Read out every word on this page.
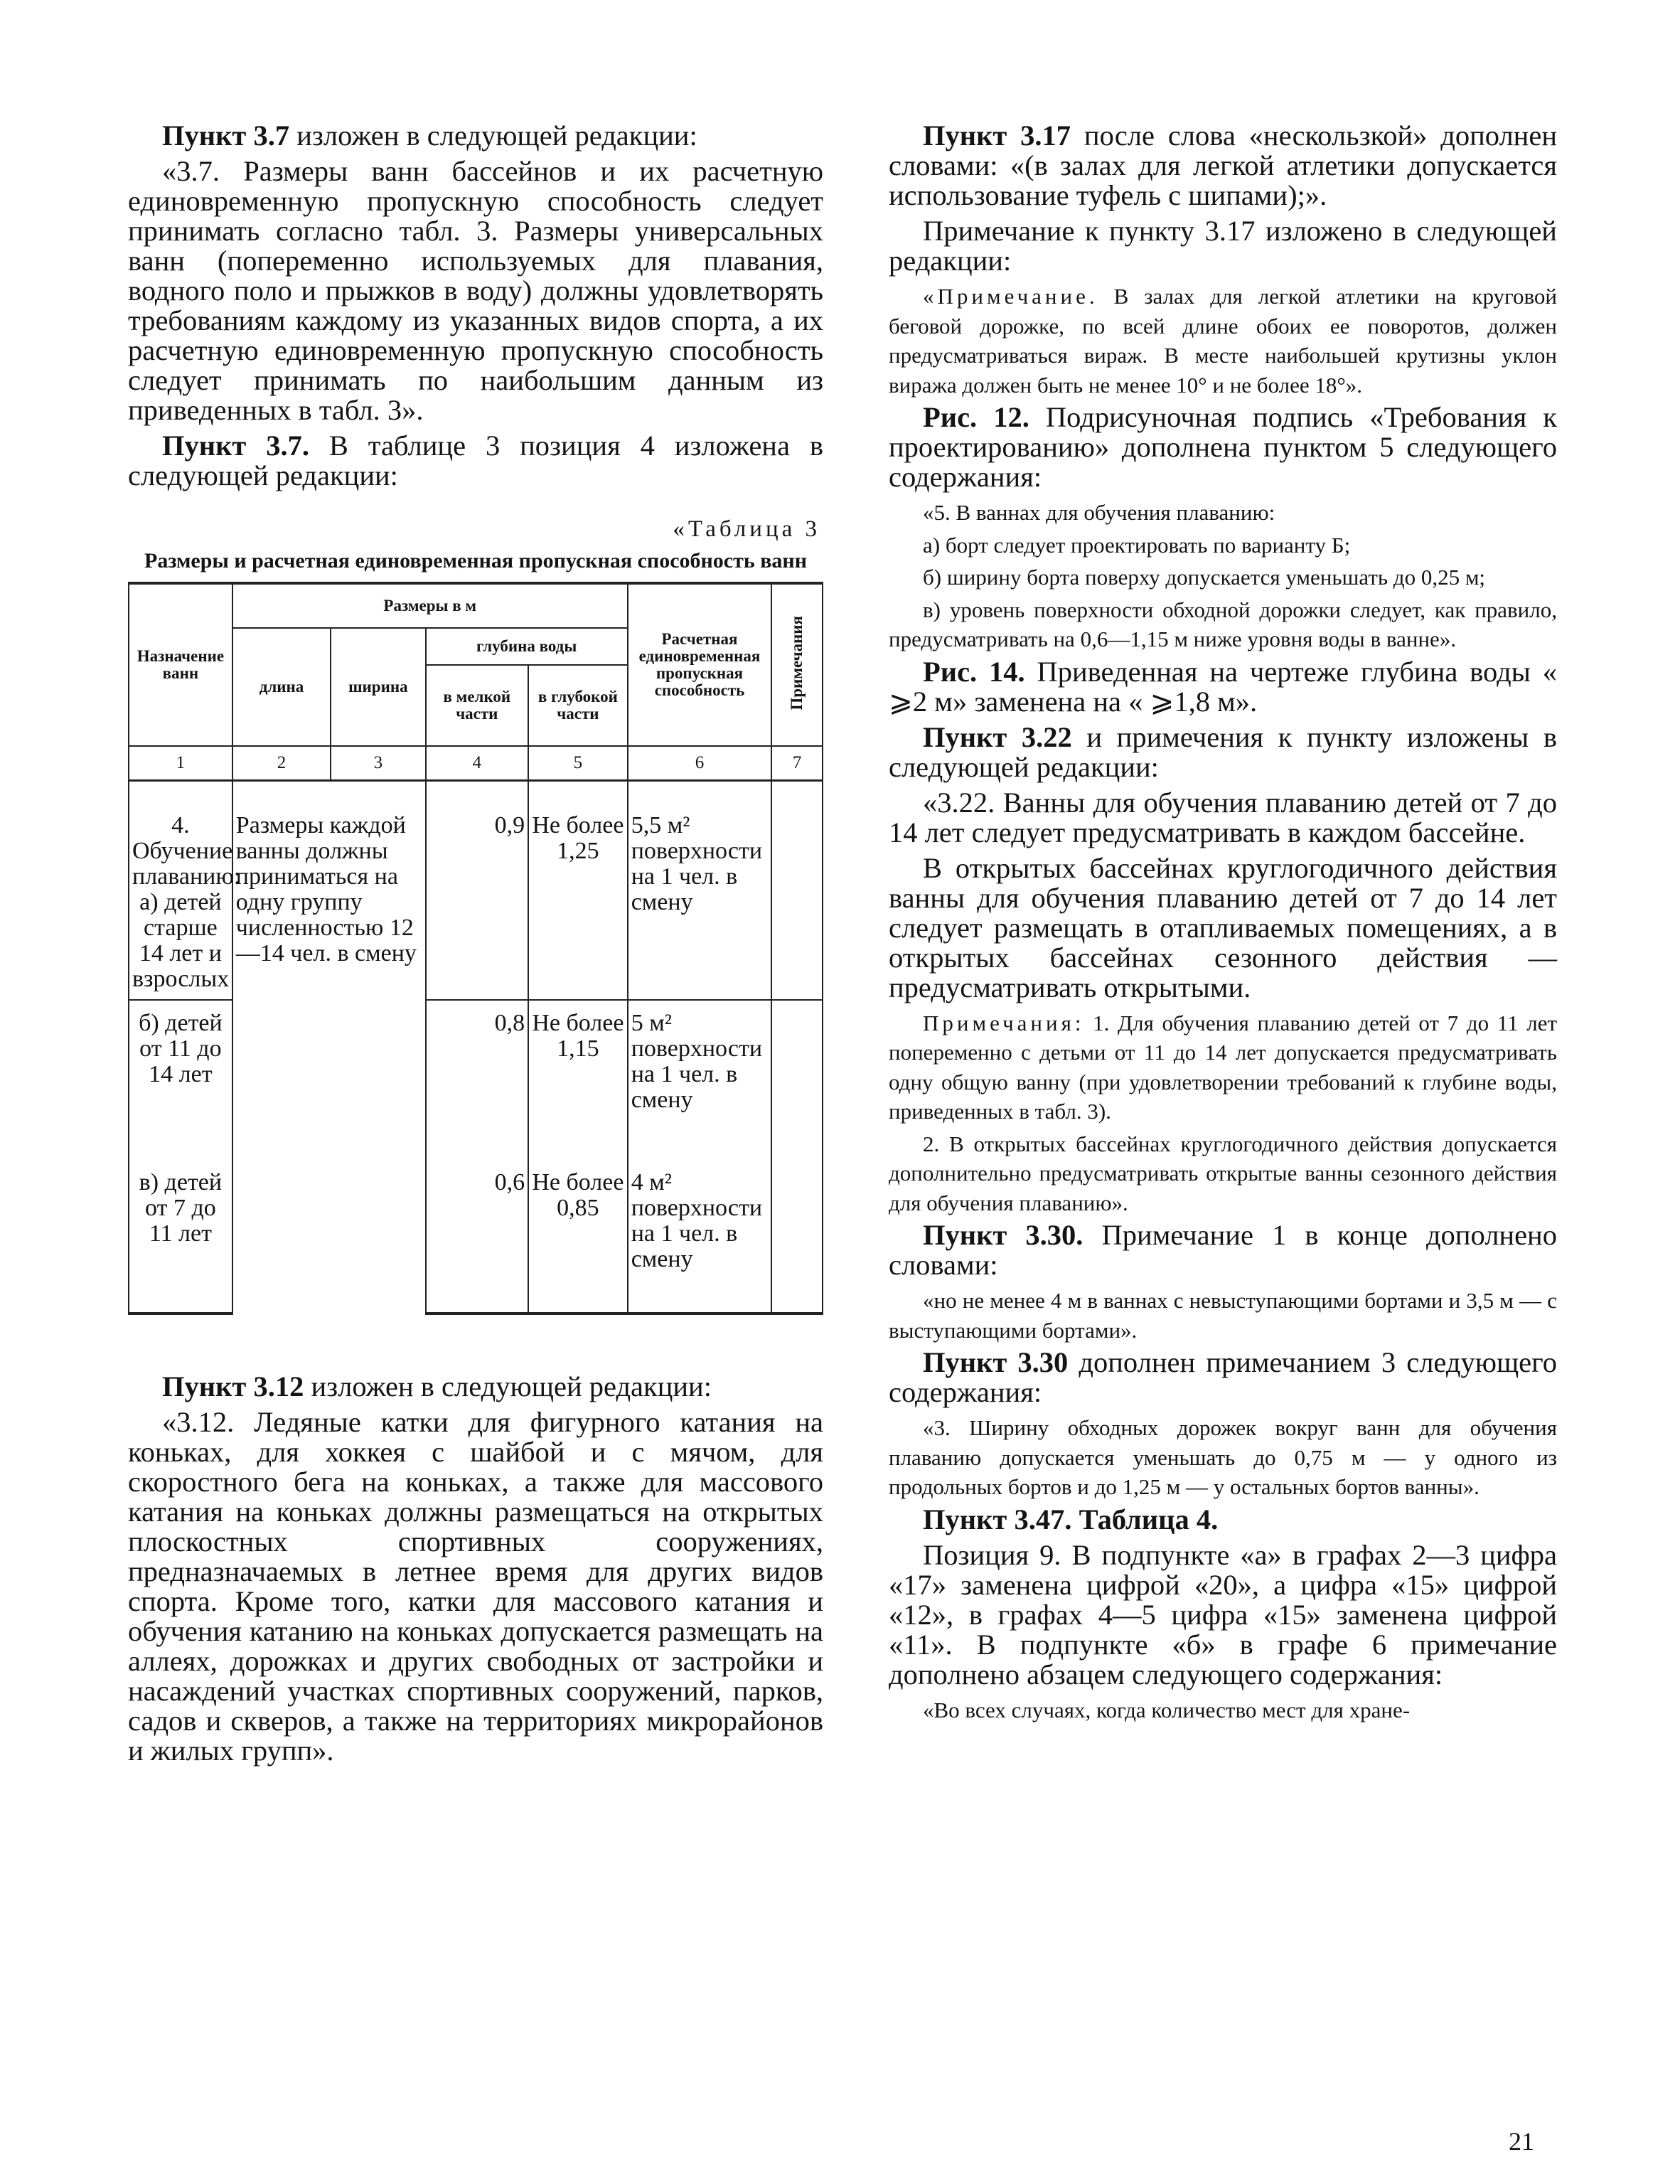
Пункт 3.7 изложен в следующей редакции:

«3.7. Размеры ванн бассейнов и их расчетную единовременную пропускную способность следует принимать согласно табл. 3. Размеры универсальных ванн (попеременно используемых для плавания, водного поло и прыжков в воду) должны удовлетворять требованиям каждому из указанных видов спорта, а их расчетную единовременную пропускную способность следует принимать по наибольшим данным из приведенных в табл. 3».

Пункт 3.7. В таблице 3 позиция 4 изложена в следующей редакции:

«Таблица 3
Размеры и расчетная единовременная пропускная способность ванн
Назначение ванн	Размеры в м				Расчетная единовременная пропускная способность	Примечания
	длина	ширина	глубина воды			
			в мелкой части	в глубокой части		
1	2	3	4	5	6	7
4. Обучение плаванию: а) детей старше 14 лет и взрослых	Размеры каждой ванны должны приниматься на одну группу численностью 12—14 чел. в смену		0,9	Не более 1,25	5,5 м² поверхности на 1 чел. в смену	
б) детей от 11 до 14 лет			0,8	Не более 1,15	5 м² поверхности на 1 чел. в смену	
в) детей от 7 до 11 лет			0,6	Не более 0,85	4 м² поверхности на 1 чел. в смену	

Пункт 3.12 изложен в следующей редакции:

«3.12. Ледяные катки для фигурного катания на коньках, для хоккея с шайбой и с мячом, для скоростного бега на коньках, а также для массового катания на коньках должны размещаться на открытых плоскостных спортивных сооружениях, предназначаемых в летнее время для других видов спорта. Кроме того, катки для массового катания и обучения катанию на коньках допускается размещать на аллеях, дорожках и других свободных от застройки и насаждений участках спортивных сооружений, парков, садов и скверов, а также на территориях микрорайонов и жилых групп».

Пункт 3.17 после слова «нескользкой» дополнен словами: «(в залах для легкой атлетики допускается использование туфель с шипами);».

Примечание к пункту 3.17 изложено в следующей редакции:

«Примечание. В залах для легкой атлетики на круговой беговой дорожке, по всей длине обоих ее поворотов, должен предусматриваться вираж. В месте наибольшей крутизны уклон виража должен быть не менее 10° и не более 18°».

Рис. 12. Подрисуночная подпись «Требования к проектированию» дополнена пунктом 5 следующего содержания:

«5. В ваннах для обучения плаванию:

а) борт следует проектировать по варианту Б;

б) ширину борта поверху допускается уменьшать до 0,25 м;

в) уровень поверхности обходной дорожки следует, как правило, предусматривать на 0,6—1,15 м ниже уровня воды в ванне».

Рис. 14. Приведенная на чертеже глубина воды « ⩾2 м» заменена на « ⩾1,8 м».

Пункт 3.22 и примечения к пункту изложены в следующей редакции:

«3.22. Ванны для обучения плаванию детей от 7 до 14 лет следует предусматривать в каждом бассейне.

В открытых бассейнах круглогодичного действия ванны для обучения плаванию детей от 7 до 14 лет следует размещать в отапливаемых помещениях, а в открытых бассейнах сезонного действия — предусматривать открытыми.

Примечания: 1. Для обучения плаванию детей от 7 до 11 лет попеременно с детьми от 11 до 14 лет допускается предусматривать одну общую ванну (при удовлетворении требований к глубине воды, приведенных в табл. 3).

2. В открытых бассейнах круглогодичного действия допускается дополнительно предусматривать открытые ванны сезонного действия для обучения плаванию».

Пункт 3.30. Примечание 1 в конце дополнено словами:

«но не менее 4 м в ваннах с невыступающими бортами и 3,5 м — с выступающими бортами».

Пункт 3.30 дополнен примечанием 3 следующего содержания:

«3. Ширину обходных дорожек вокруг ванн для обучения плаванию допускается уменьшать до 0,75 м — у одного из продольных бортов и до 1,25 м — у остальных бортов ванны».

Пункт 3.47. Таблица 4.

Позиция 9. В подпункте «а» в графах 2—3 цифра «17» заменена цифрой «20», а цифра «15» цифрой «12», в графах 4—5 цифра «15» заменена цифрой «11». В подпункте «б» в графе 6 примечание дополнено абзацем следующего содержания:

«Во всех случаях, когда количество мест для хране-

21
